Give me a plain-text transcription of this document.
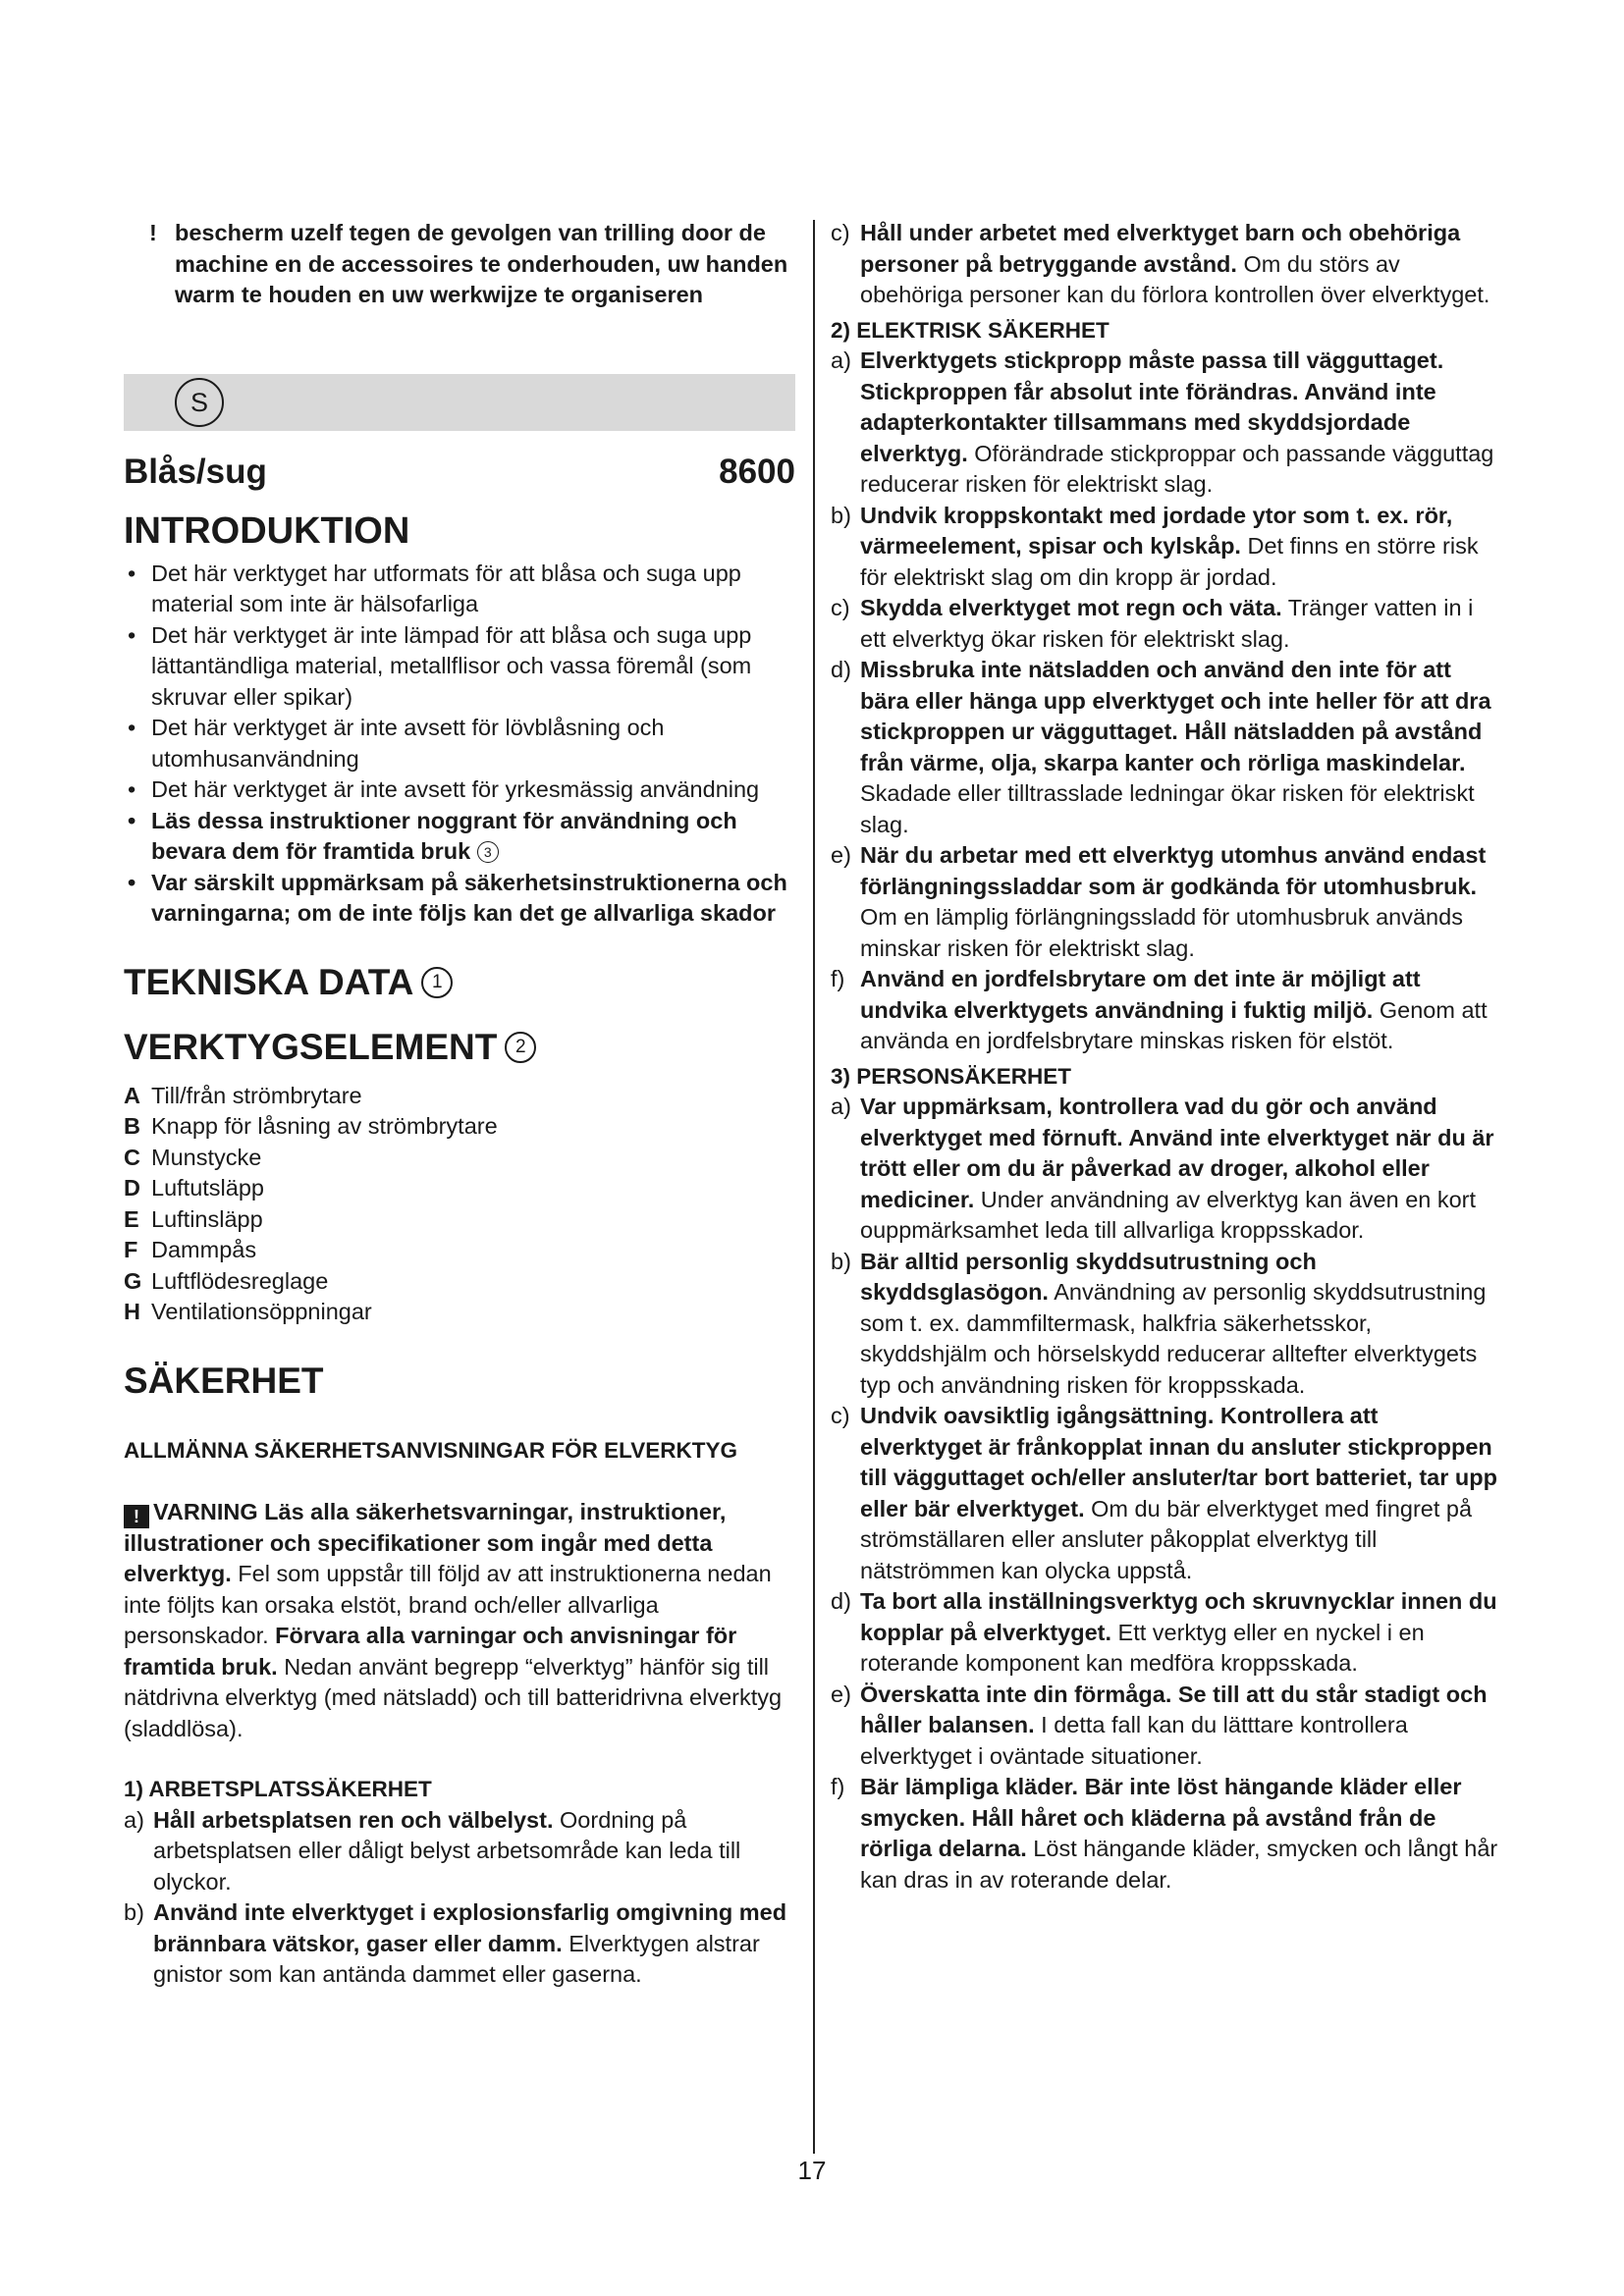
! bescherm uzelf tegen de gevolgen van trilling door de machine en de accessoires te onderhouden, uw handen warm te houden en uw werkwijze te organiseren
S
Blås/sug	8600
INTRODUKTION
• Det här verktyget har utformats för att blåsa och suga upp material som inte är hälsofarliga
• Det här verktyget är inte lämpad för att blåsa och suga upp lättantändliga material, metallflisor och vassa föremål (som skruvar eller spikar)
• Det här verktyget är inte avsett för lövblåsning och utomhusanvändning
• Det här verktyget är inte avsett för yrkesmässig användning
• Läs dessa instruktioner noggrant för användning och bevara dem för framtida bruk 3
• Var särskilt uppmärksam på säkerhetsinstruktionerna och varningarna; om de inte följs kan det ge allvarliga skador
TEKNISKA DATA 1
VERKTYGSELEMENT 2
A Till/från strömbrytare
B Knapp för låsning av strömbrytare
C Munstycke
D Luftutsläpp
E Luftinsläpp
F Dammpås
G Luftflödesreglage
H Ventilationsöppningar
SÄKERHET
ALLMÄNNA SÄKERHETSANVISNINGAR FÖR ELVERKTYG
! VARNING Läs alla säkerhetsvarningar, instruktioner, illustrationer och specifikationer som ingår med detta elverktyg. Fel som uppstår till följd av att instruktionerna nedan inte följts kan orsaka elstöt, brand och/eller allvarliga personskador. Förvara alla varningar och anvisningar för framtida bruk. Nedan använt begrepp “elverktyg” hänför sig till nätdrivna elverktyg (med nätsladd) och till batteridrivna elverktyg (sladdlösa).
1) ARBETSPLATSSÄKERHET
a) Håll arbetsplatsen ren och välbelyst. Oordning på arbetsplatsen eller dåligt belyst arbetsområde kan leda till olyckor.
b) Använd inte elverktyget i explosionsfarlig omgivning med brännbara vätskor, gaser eller damm. Elverktygen alstrar gnistor som kan antända dammet eller gaserna.
c) Håll under arbetet med elverktyget barn och obehöriga personer på betryggande avstånd. Om du störs av obehöriga personer kan du förlora kontrollen över elverktyget.
2) ELEKTRISK SÄKERHET
a) Elverktygets stickpropp måste passa till vägguttaget. Stickproppen får absolut inte förändras. Använd inte adapterkontakter tillsammans med skyddsjordade elverktyg. Oförändrade stickproppar och passande vägguttag reducerar risken för elektriskt slag.
b) Undvik kroppskontakt med jordade ytor som t. ex. rör, värmeelement, spisar och kylskåp. Det finns en större risk för elektriskt slag om din kropp är jordad.
c) Skydda elverktyget mot regn och väta. Tränger vatten in i ett elverktyg ökar risken för elektriskt slag.
d) Missbruka inte nätsladden och använd den inte för att bära eller hänga upp elverktyget och inte heller för att dra stickproppen ur vägguttaget. Håll nätsladden på avstånd från värme, olja, skarpa kanter och rörliga maskindelar. Skadade eller tilltrasslade ledningar ökar risken för elektriskt slag.
e) När du arbetar med ett elverktyg utomhus använd endast förlängningssladdar som är godkända för utomhusbruk. Om en lämplig förlängningssladd för utomhusbruk används minskar risken för elektriskt slag.
f) Använd en jordfelsbrytare om det inte är möjligt att undvika elverktygets användning i fuktig miljö. Genom att använda en jordfelsbrytare minskas risken för elstöt.
3) PERSONSÄKERHET
a) Var uppmärksam, kontrollera vad du gör och använd elverktyget med förnuft. Använd inte elverktyget när du är trött eller om du är påverkad av droger, alkohol eller mediciner. Under användning av elverktyg kan även en kort ouppmärksamhet leda till allvarliga kroppsskador.
b) Bär alltid personlig skyddsutrustning och skyddsglasögon. Användning av personlig skyddsutrustning som t. ex. dammfiltermask, halkfria säkerhetsskor, skyddshjälm och hörselskydd reducerar alltefter elverktygets typ och användning risken för kroppsskada.
c) Undvik oavsiktlig igångsättning. Kontrollera att elverktyget är frånkopplat innan du ansluter stickproppen till vägguttaget och/eller ansluter/tar bort batteriet, tar upp eller bär elverktyget. Om du bär elverktyget med fingret på strömställaren eller ansluter påkopplat elverktyg till nätströmmen kan olycka uppstå.
d) Ta bort alla inställningsverktyg och skruvnycklar innen du kopplar på elverktyget. Ett verktyg eller en nyckel i en roterande komponent kan medföra kroppsskada.
e) Överskatta inte din förmåga. Se till att du står stadigt och håller balansen. I detta fall kan du lätttare kontrollera elverktyget i oväntade situationer.
f) Bär lämpliga kläder. Bär inte löst hängande kläder eller smycken. Håll håret och kläderna på avstånd från de rörliga delarna. Löst hängande kläder, smycken och långt hår kan dras in av roterande delar.
17
